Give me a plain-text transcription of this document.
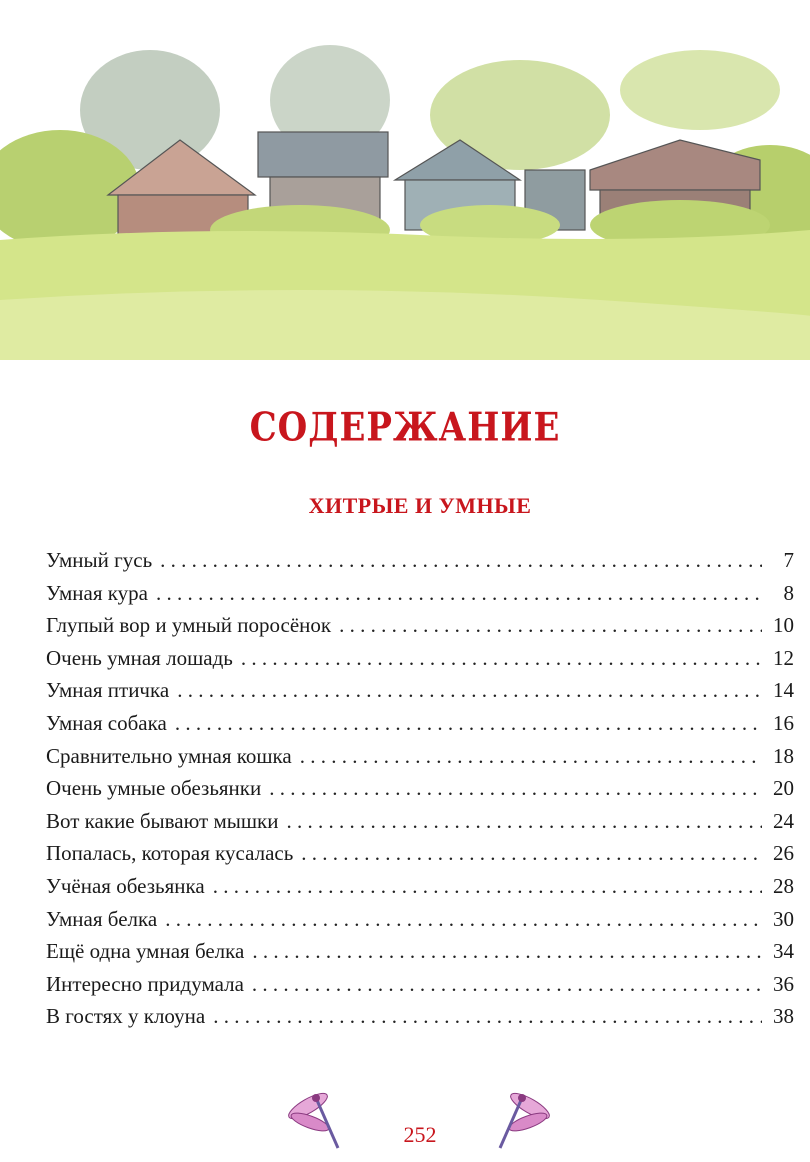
СОДЕРЖАНИЕ
ХИТРЫЕ И УМНЫЕ
Умный гусь . . .	7
Умная кура . . .	8
Глупый вор и умный поросёнок . . .	10
Очень умная лошадь . . .	12
Умная птичка . . .	14
Умная собака . . .	16
Сравнительно умная кошка . . .	18
Очень умные обезьянки . . .	20
Вот какие бывают мышки . . .	24
Попалась, которая кусалась . . .	26
Учёная обезьянка . . .	28
Умная белка . . .	30
Ещё одна умная белка . . .	34
Интересно придумала . . .	36
В гостях у клоуна . . .	38
252
